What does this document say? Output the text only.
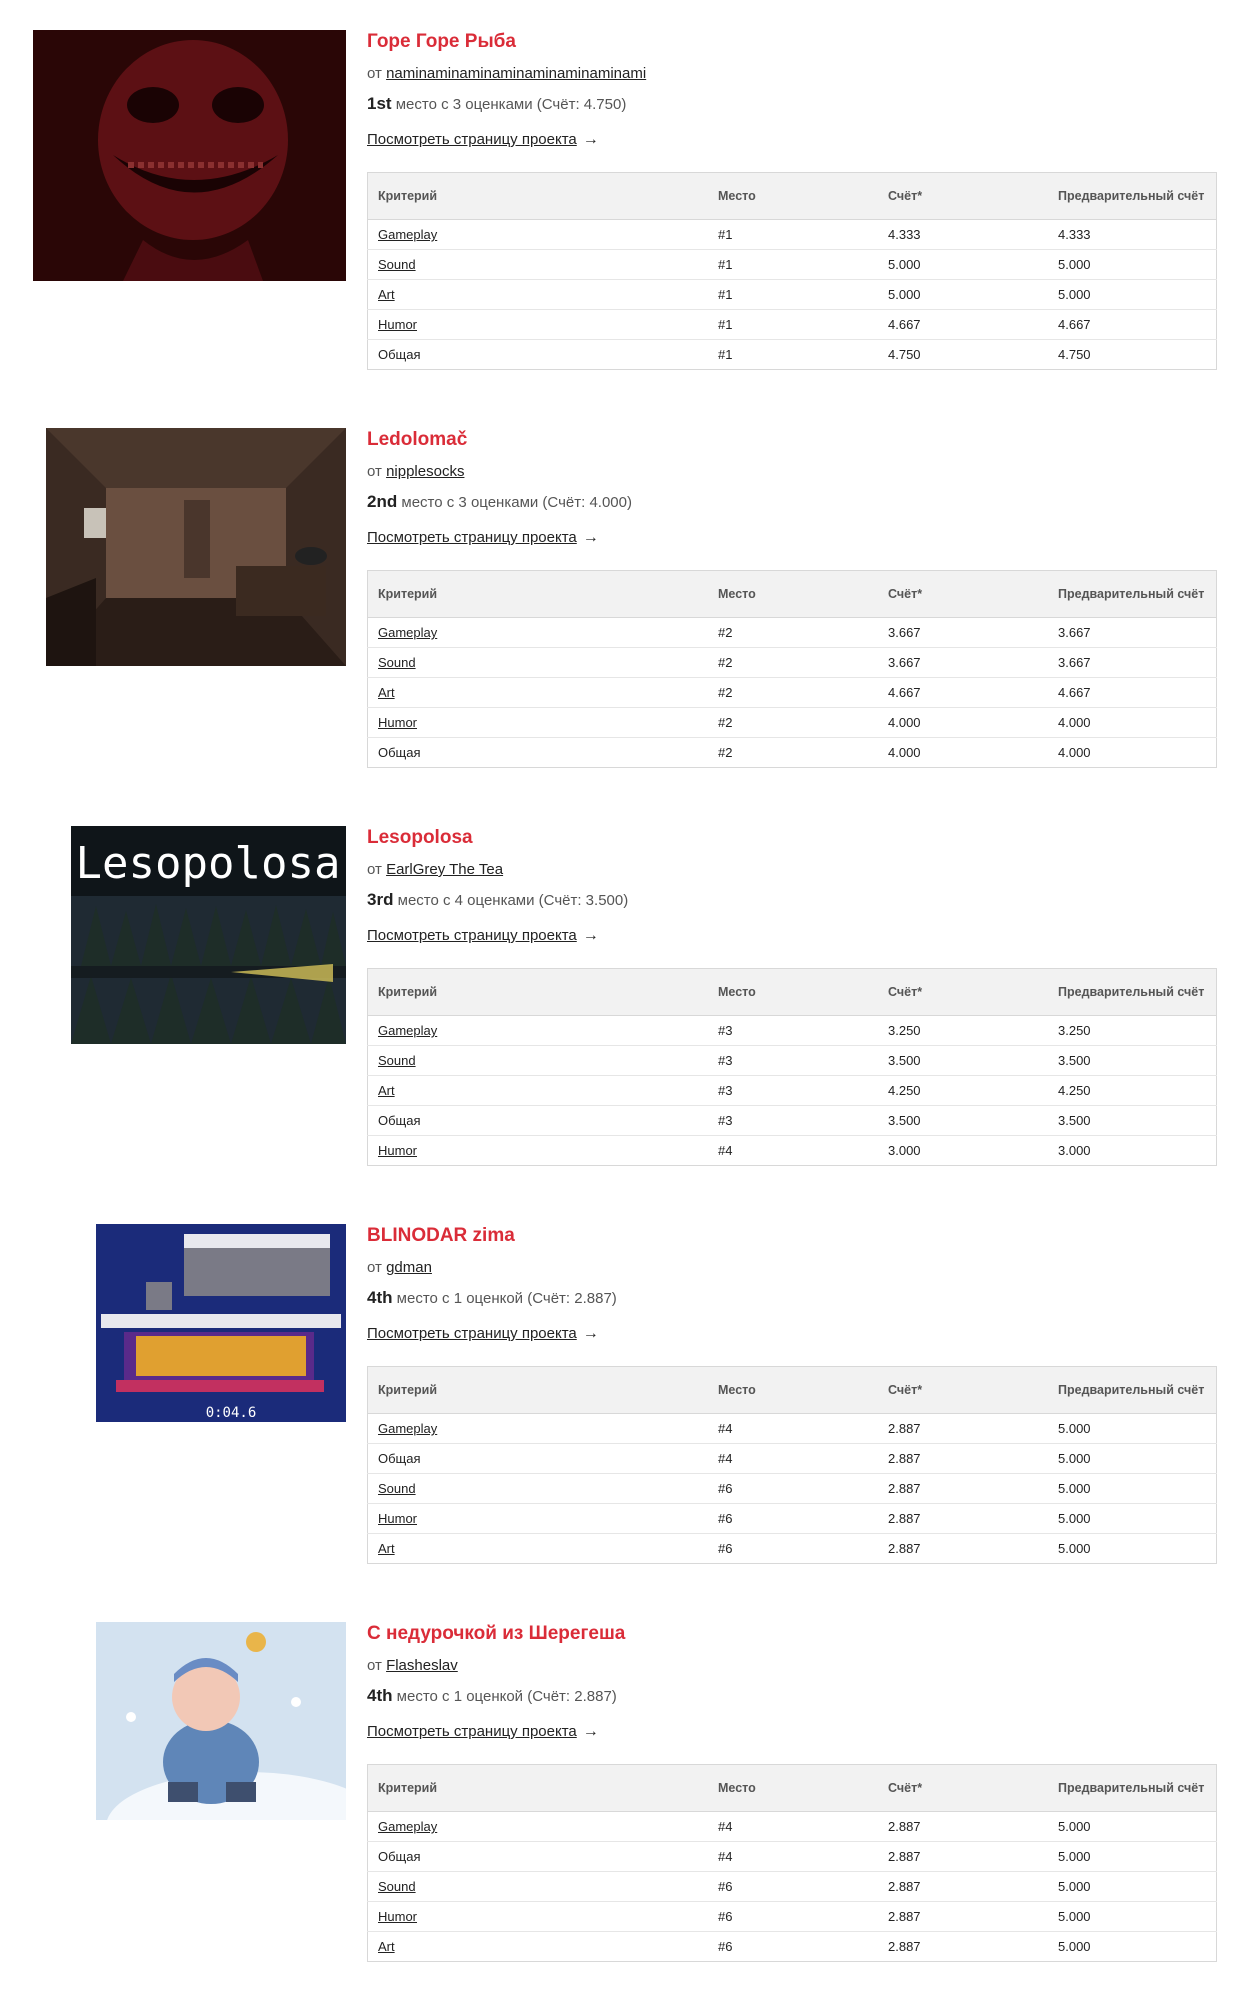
Горе Горе Рыба
от naminaminaminaminaminaminaminami
1st место с 3 оценками (Счёт: 4.750)
Посмотреть страницу проекта →
Критерий	Место	Счёт*	Предварительный счёт
Gameplay	#1	4.333	4.333
Sound	#1	5.000	5.000
Art	#1	5.000	5.000
Humor	#1	4.667	4.667
Общая	#1	4.750	4.750
Ledolomač
от nipplesocks
2nd место с 3 оценками (Счёт: 4.000)
Посмотреть страницу проекта →
Критерий	Место	Счёт*	Предварительный счёт
Gameplay	#2	3.667	3.667
Sound	#2	3.667	3.667
Art	#2	4.667	4.667
Humor	#2	4.000	4.000
Общая	#2	4.000	4.000
Lesopolosa
Lesopolosa
от EarlGrey The Tea
3rd место с 4 оценками (Счёт: 3.500)
Посмотреть страницу проекта →
Критерий	Место	Счёт*	Предварительный счёт
Gameplay	#3	3.250	3.250
Sound	#3	3.500	3.500
Art	#3	4.250	4.250
Общая	#3	3.500	3.500
Humor	#4	3.000	3.000
0:04.6
BLINODAR zima
от gdman
4th место с 1 оценкой (Счёт: 2.887)
Посмотреть страницу проекта →
Критерий	Место	Счёт*	Предварительный счёт
Gameplay	#4	2.887	5.000
Общая	#4	2.887	5.000
Sound	#6	2.887	5.000
Humor	#6	2.887	5.000
Art	#6	2.887	5.000
С недурочкой из Шерегеша
от Flasheslav
4th место с 1 оценкой (Счёт: 2.887)
Посмотреть страницу проекта →
Критерий	Место	Счёт*	Предварительный счёт
Gameplay	#4	2.887	5.000
Общая	#4	2.887	5.000
Sound	#6	2.887	5.000
Humor	#6	2.887	5.000
Art	#6	2.887	5.000
